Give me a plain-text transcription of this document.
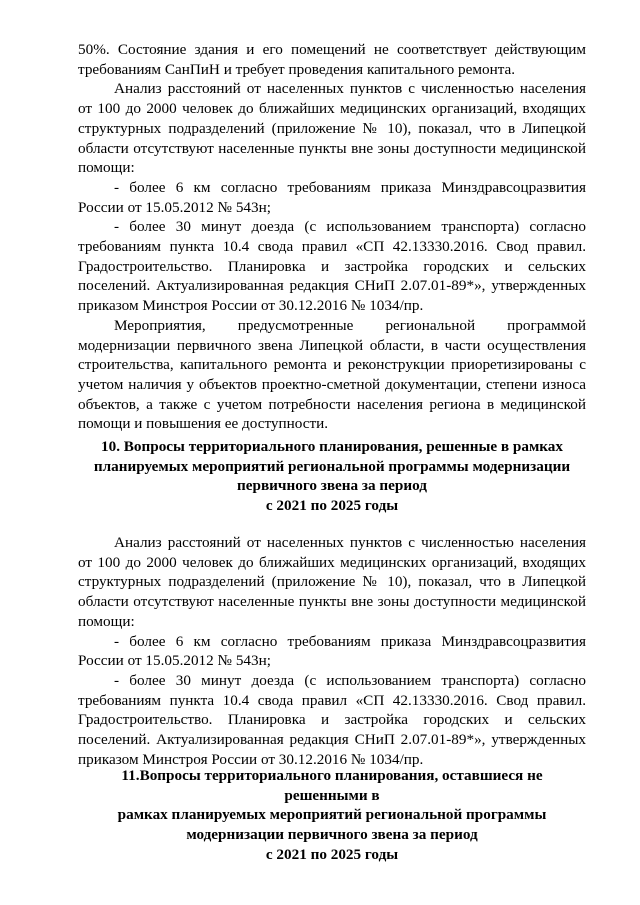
50%. Состояние здания и его помещений не соответствует действующим требованиям СанПиН и требует проведения капитального ремонта.

Анализ расстояний от населенных пунктов с численностью населения от 100 до 2000 человек до ближайших медицинских организаций, входящих структурных подразделений (приложение № 10), показал, что в Липецкой области отсутствуют населенные пункты вне зоны доступности медицинской помощи:

- более 6 км согласно требованиям приказа Минздравсоцразвития России от 15.05.2012 № 543н;

- более 30 минут доезда (с использованием транспорта) согласно требованиям пункта 10.4 свода правил «СП 42.13330.2016. Свод правил. Градостроительство. Планировка и застройка городских и сельских поселений. Актуализированная редакция СНиП 2.07.01-89*», утвержденных приказом Минстроя России от 30.12.2016 № 1034/пр.

Мероприятия, предусмотренные региональной программой модернизации первичного звена Липецкой области, в части осуществления строительства, капитального ремонта и реконструкции приоретизированы с учетом наличия у объектов проектно-сметной документации, степени износа объектов, а также с учетом потребности населения региона в медицинской помощи и повышения ее доступности.

10. Вопросы территориального планирования, решенные в рамках
планируемых мероприятий региональной программы модернизации
первичного звена за период
с 2021 по 2025 годы

Анализ расстояний от населенных пунктов с численностью населения от 100 до 2000 человек до ближайших медицинских организаций, входящих структурных подразделений (приложение № 10), показал, что в Липецкой области отсутствуют населенные пункты вне зоны доступности медицинской помощи:

- более 6 км согласно требованиям приказа Минздравсоцразвития России от 15.05.2012 № 543н;

- более 30 минут доезда (с использованием транспорта) согласно требованиям пункта 10.4 свода правил «СП 42.13330.2016. Свод правил. Градостроительство. Планировка и застройка городских и сельских поселений. Актуализированная редакция СНиП 2.07.01-89*», утвержденных приказом Минстроя России от 30.12.2016 № 1034/пр.

11.Вопросы территориального планирования, оставшиеся не решенными в
рамках планируемых мероприятий региональной программы
модернизации первичного звена за период
с 2021 по 2025 годы
